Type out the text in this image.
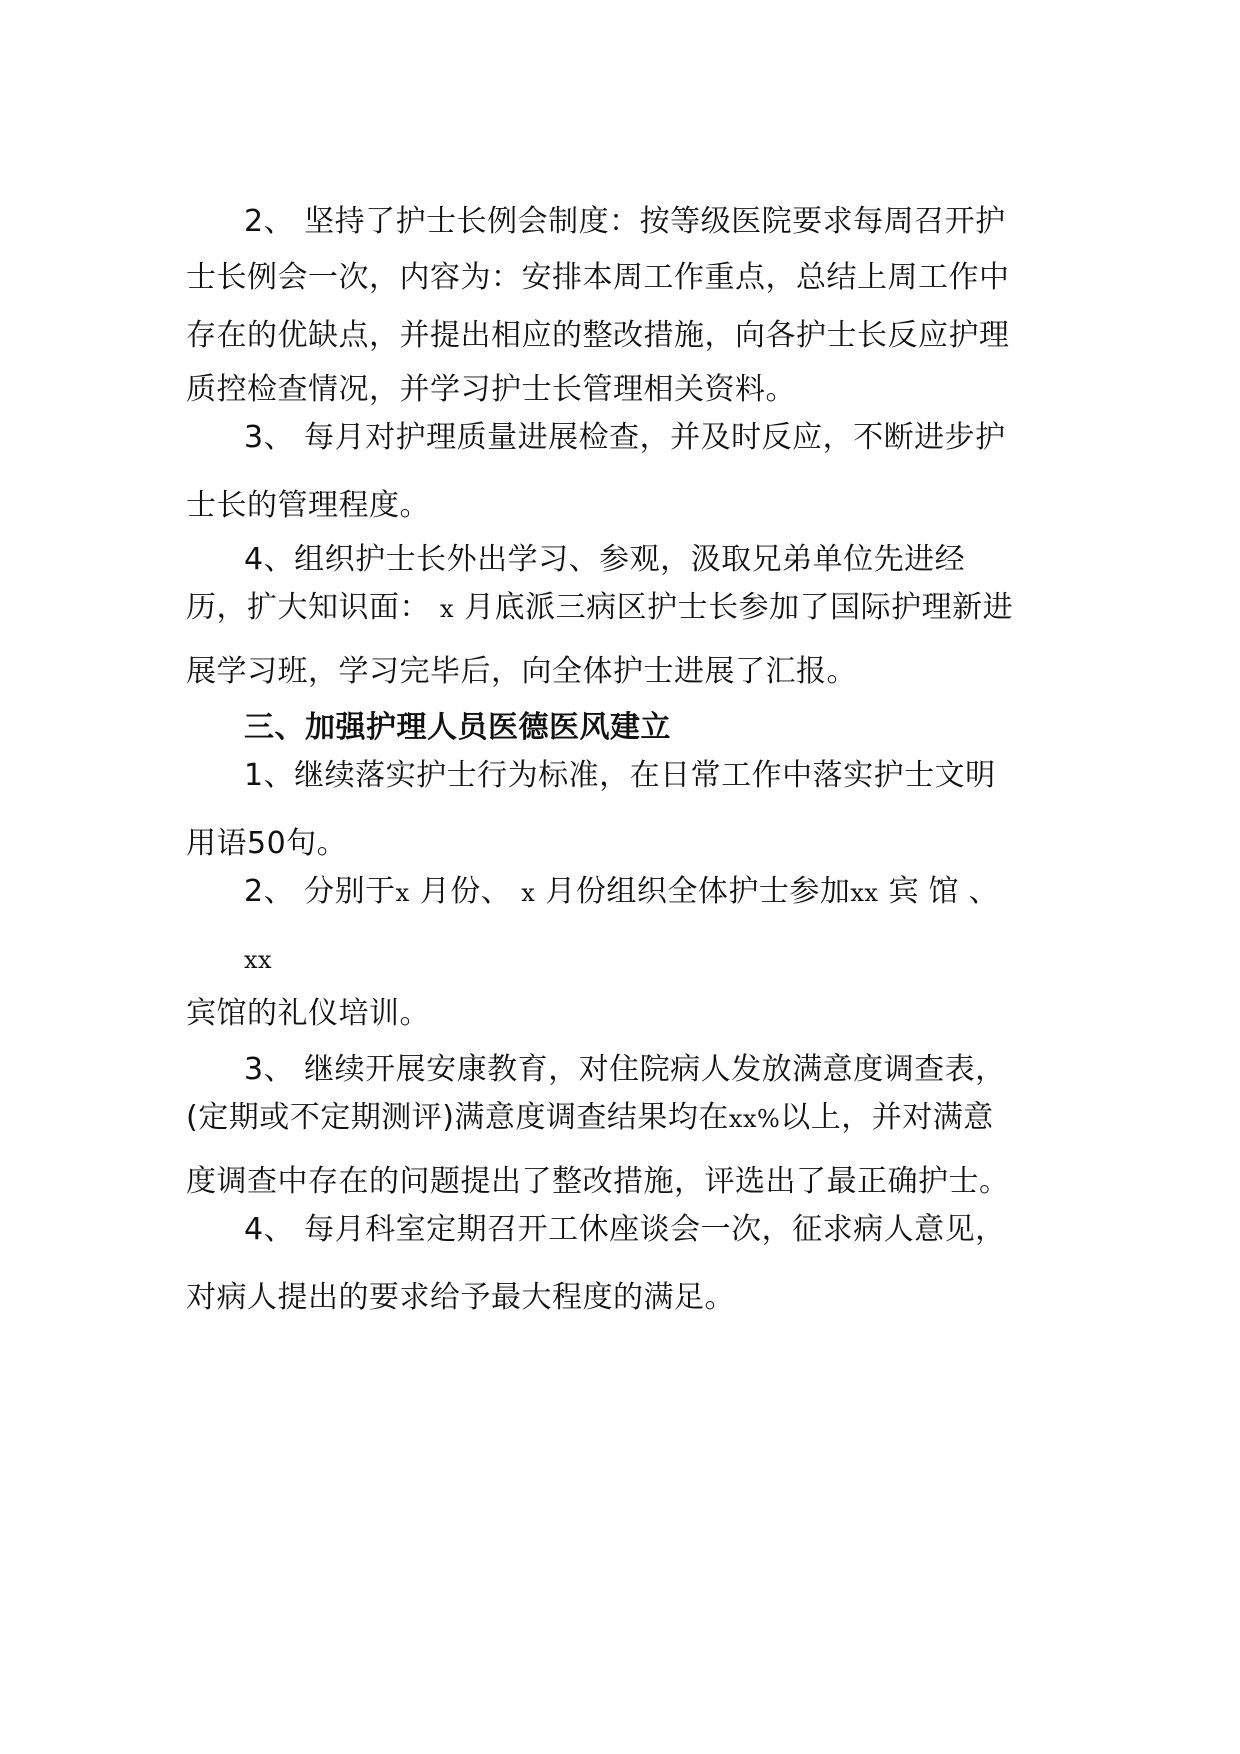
2、 坚持了护士长例会制度：按等级医院要求每周召开护
士长例会一次，内容为：安排本周工作重点，总结上周工作中
存在的优缺点，并提出相应的整改措施，向各护士长反应护理
质控检查情况，并学习护士长管理相关资料。
3、 每月对护理质量进展检查，并及时反应，不断进步护
士长的管理程度。
4、组织护士长外出学习、参观，汲取兄弟单位先进经
历，扩大知识面： x 月底派三病区护士长参加了国际护理新进
展学习班，学习完毕后，向全体护士进展了汇报。
三、加强护理人员医德医风建立
1、继续落实护士行为标准，在日常工作中落实护士文明
用语50句。
2、 分别于x 月份、 x 月份组织全体护士参加xx 宾馆、
xx
宾馆的礼仪培训。
3、 继续开展安康教育，对住院病人发放满意度调查表，
(定期或不定期测评)满意度调查结果均在xx%以上，并对满意
度调查中存在的问题提出了整改措施，评选出了最正确护士。
4、 每月科室定期召开工休座谈会一次，征求病人意见，
对病人提出的要求给予最大程度的满足。
